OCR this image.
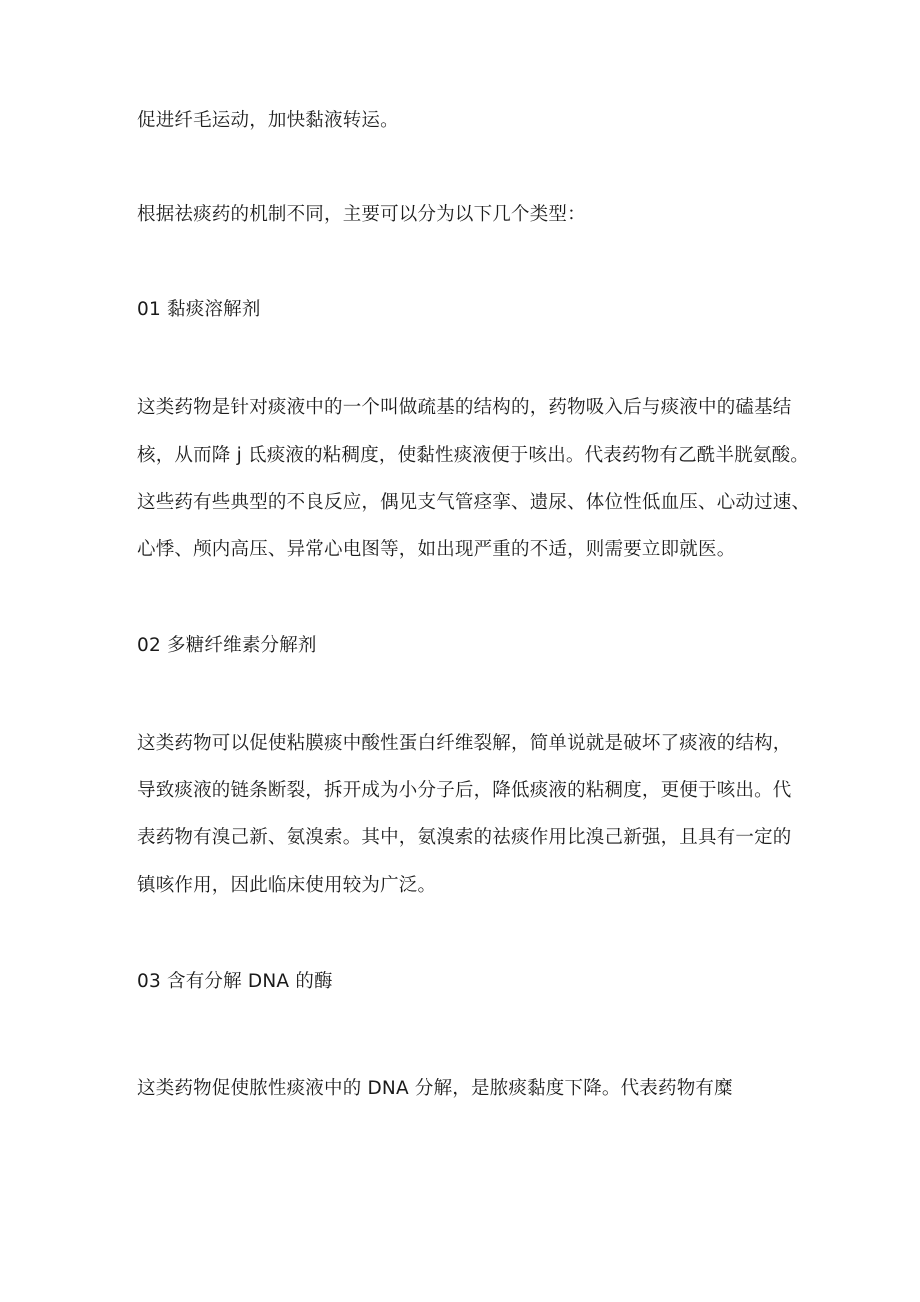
促进纤毛运动，加快黏液转运。
根据祛痰药的机制不同，主要可以分为以下几个类型：
01 黏痰溶解剂
这类药物是针对痰液中的一个叫做疏基的结构的，药物吸入后与痰液中的磕基结
核，从而降 j 氐痰液的粘稠度，使黏性痰液便于咳出。代表药物有乙酰半胱氨酸。
这些药有些典型的不良反应，偶见支气管痉挛、遗尿、体位性低血压、心动过速、
心悸、颅内高压、异常心电图等，如出现严重的不适，则需要立即就医。
02 多糖纤维素分解剂
这类药物可以促使粘膜痰中酸性蛋白纤维裂解，简单说就是破坏了痰液的结构，
导致痰液的链条断裂，拆开成为小分子后，降低痰液的粘稠度，更便于咳出。代
表药物有溴己新、氨溴索。其中，氨溴索的祛痰作用比溴己新强，且具有一定的
镇咳作用，因此临床使用较为广泛。
03 含有分解 DNA 的酶
这类药物促使脓性痰液中的 DNA 分解，是脓痰黏度下降。代表药物有糜
